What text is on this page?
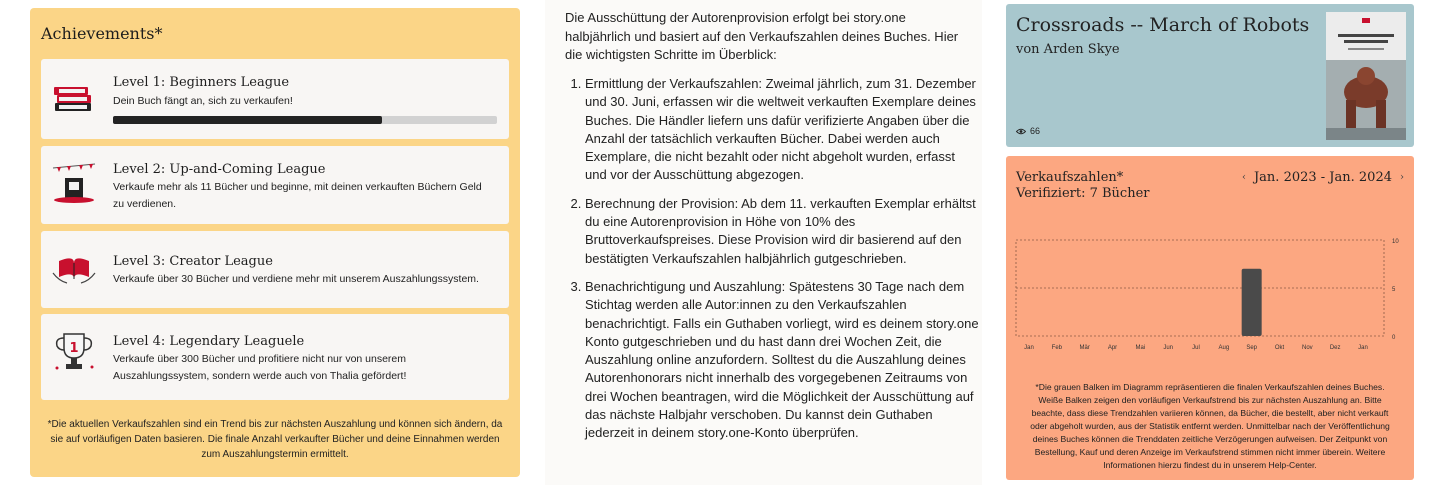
Achievements*
Level 1: Beginners League
Dein Buch fängt an, sich zu verkaufen!
Level 2: Up-and-Coming League
Verkaufe mehr als 11 Bücher und beginne, mit deinen verkauften Büchern Geld zu verdienen.
Level 3: Creator League
Verkaufe über 30 Bücher und verdiene mehr mit unserem Auszahlungssystem.
1	Level 4: Legendary Leaguele
Verkaufe über 300 Bücher und profitiere nicht nur von unserem Auszahlungssystem, sondern werde auch von Thalia gefördert!
*Die aktuellen Verkaufszahlen sind ein Trend bis zur nächsten Auszahlung und können sich ändern, da sie auf vorläufigen Daten basieren. Die finale Anzahl verkaufter Bücher und deine Einnahmen werden zum Auszahlungstermin ermittelt.
Die Ausschüttung der Autorenprovision erfolgt bei story.one halbjährlich und basiert auf den Verkaufszahlen deines Buches. Hier die wichtigsten Schritte im Überblick:
1. Ermittlung der Verkaufszahlen: Zweimal jährlich, zum 31. Dezember und 30. Juni, erfassen wir die weltweit verkauften Exemplare deines Buches. Die Händler liefern uns dafür verifizierte Angaben über die Anzahl der tatsächlich verkauften Bücher. Dabei werden auch Exemplare, die nicht bezahlt oder nicht abgeholt wurden, erfasst und vor der Ausschüttung abgezogen.
2. Berechnung der Provision: Ab dem 11. verkauften Exemplar erhältst du eine Autorenprovision in Höhe von 10% des Bruttoverkaufspreises. Diese Provision wird dir basierend auf den bestätigten Verkaufszahlen halbjährlich gutgeschrieben.
3. Benachrichtigung und Auszahlung: Spätestens 30 Tage nach dem Stichtag werden alle Autor:innen zu den Verkaufszahlen benachrichtigt. Falls ein Guthaben vorliegt, wird es deinem story.one Konto gutgeschrieben und du hast dann drei Wochen Zeit, die Auszahlung online anzufordern. Solltest du die Auszahlung deines Autorenhonorars nicht innerhalb des vorgegebenen Zeitraums von drei Wochen beantragen, wird die Möglichkeit der Ausschüttung auf das nächste Halbjahr verschoben. Du kannst dein Guthaben jederzeit in deinem story.one-Konto überprüfen.
Crossroads -- March of Robots
von Arden Skye
66
0
5
10
Jan	Feb	Mär	Apr	Mai	Jun	Jul	Aug	Sep	Okt	Nov	Dez	Jan
Verkaufszahlen*
Verifiziert: 7 Bücher
‹ Jan. 2023 - Jan. 2024 ›
*Die grauen Balken im Diagramm repräsentieren die finalen Verkaufszahlen deines Buches. Weiße Balken zeigen den vorläufigen Verkaufstrend bis zur nächsten Auszahlung an. Bitte beachte, dass diese Trendzahlen variieren können, da Bücher, die bestellt, aber nicht verkauft oder abgeholt wurden, aus der Statistik entfernt werden. Unmittelbar nach der Veröffentlichung deines Buches können die Trenddaten zeitliche Verzögerungen aufweisen. Der Zeitpunkt von Bestellung, Kauf und deren Anzeige im Verkaufstrend stimmen nicht immer überein. Weitere Informationen hierzu findest du in unserem Help-Center.
